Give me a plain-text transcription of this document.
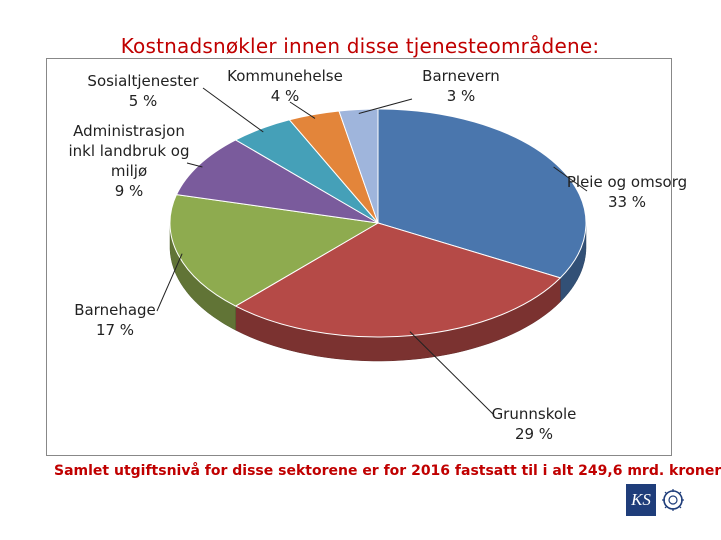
Kostnadsnøkler innen disse tjenesteområdene:
Pleie og omsorg 33 %
Grunnskole 29 %
Barnehage 17 %
Administrasjon inkl landbruk og miljø 9 %
Sosialtjenester 5 %
Kommunehelse 4 %
Barnevern 3 %
Samlet utgiftsnivå for disse sektorene er for 2016 fastsatt til i alt 249,6 mrd. kroner
KS
